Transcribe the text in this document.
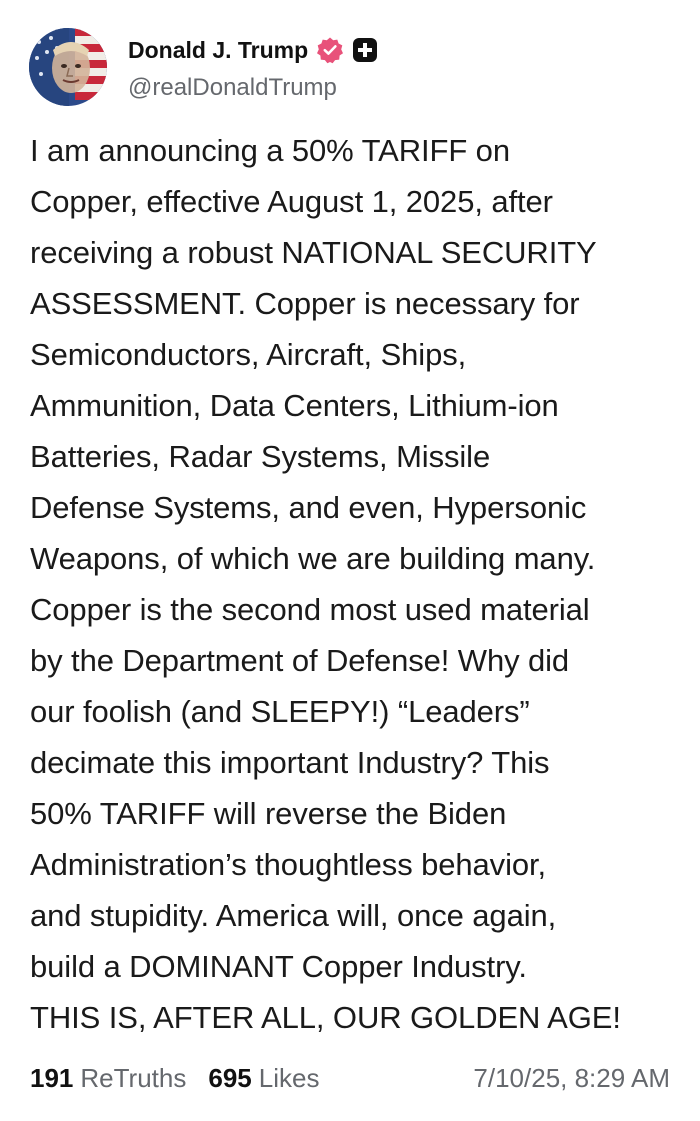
Donald J. Trump
@realDonaldTrump
I am announcing a 50% TARIFF on
Copper, effective August 1, 2025, after
receiving a robust NATIONAL SECURITY
ASSESSMENT. Copper is necessary for
Semiconductors, Aircraft, Ships,
Ammunition, Data Centers, Lithium-ion
Batteries, Radar Systems, Missile
Defense Systems, and even, Hypersonic
Weapons, of which we are building many.
Copper is the second most used material
by the Department of Defense! Why did
our foolish (and SLEEPY!) “Leaders”
decimate this important Industry? This
50% TARIFF will reverse the Biden
Administration’s thoughtless behavior,
and stupidity. America will, once again,
build a DOMINANT Copper Industry.
THIS IS, AFTER ALL, OUR GOLDEN AGE!
191 ReTruths 695 Likes	7/10/25, 8:29 AM
